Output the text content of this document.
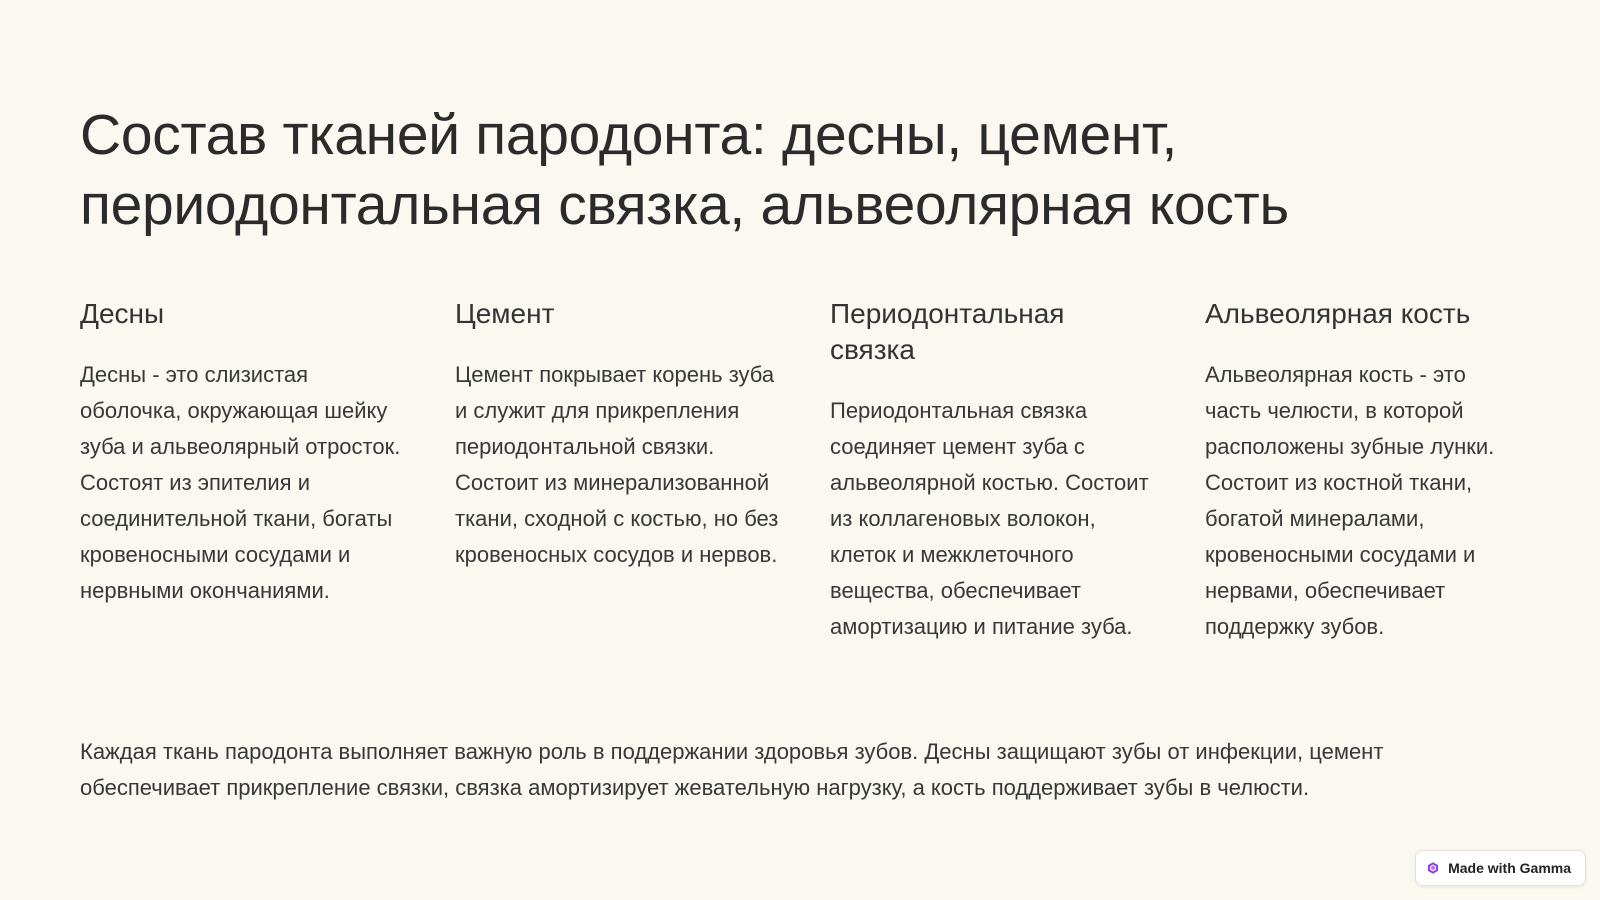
Состав тканей пародонта: десны, цемент, периодонтальная связка, альвеолярная кость
Десны

Десны - это слизистая оболочка, окружающая шейку зуба и альвеолярный отросток. Состоят из эпителия и соединительной ткани, богаты кровеносными сосудами и нервными окончаниями.

Цемент

Цемент покрывает корень зуба и служит для прикрепления периодонтальной связки. Состоит из минерализованной ткани, сходной с костью, но без кровеносных сосудов и нервов.

Периодонтальная связка

Периодонтальная связка соединяет цемент зуба с альвеолярной костью. Состоит из коллагеновых волокон, клеток и межклеточного вещества, обеспечивает амортизацию и питание зуба.

Альвеолярная кость

Альвеолярная кость - это часть челюсти, в которой расположены зубные лунки. Состоит из костной ткани, богатой минералами, кровеносными сосудами и нервами, обеспечивает поддержку зубов.

Каждая ткань пародонта выполняет важную роль в поддержании здоровья зубов. Десны защищают зубы от инфекции, цемент обеспечивает прикрепление связки, связка амортизирует жевательную нагрузку, а кость поддерживает зубы в челюсти.

Made with Gamma
